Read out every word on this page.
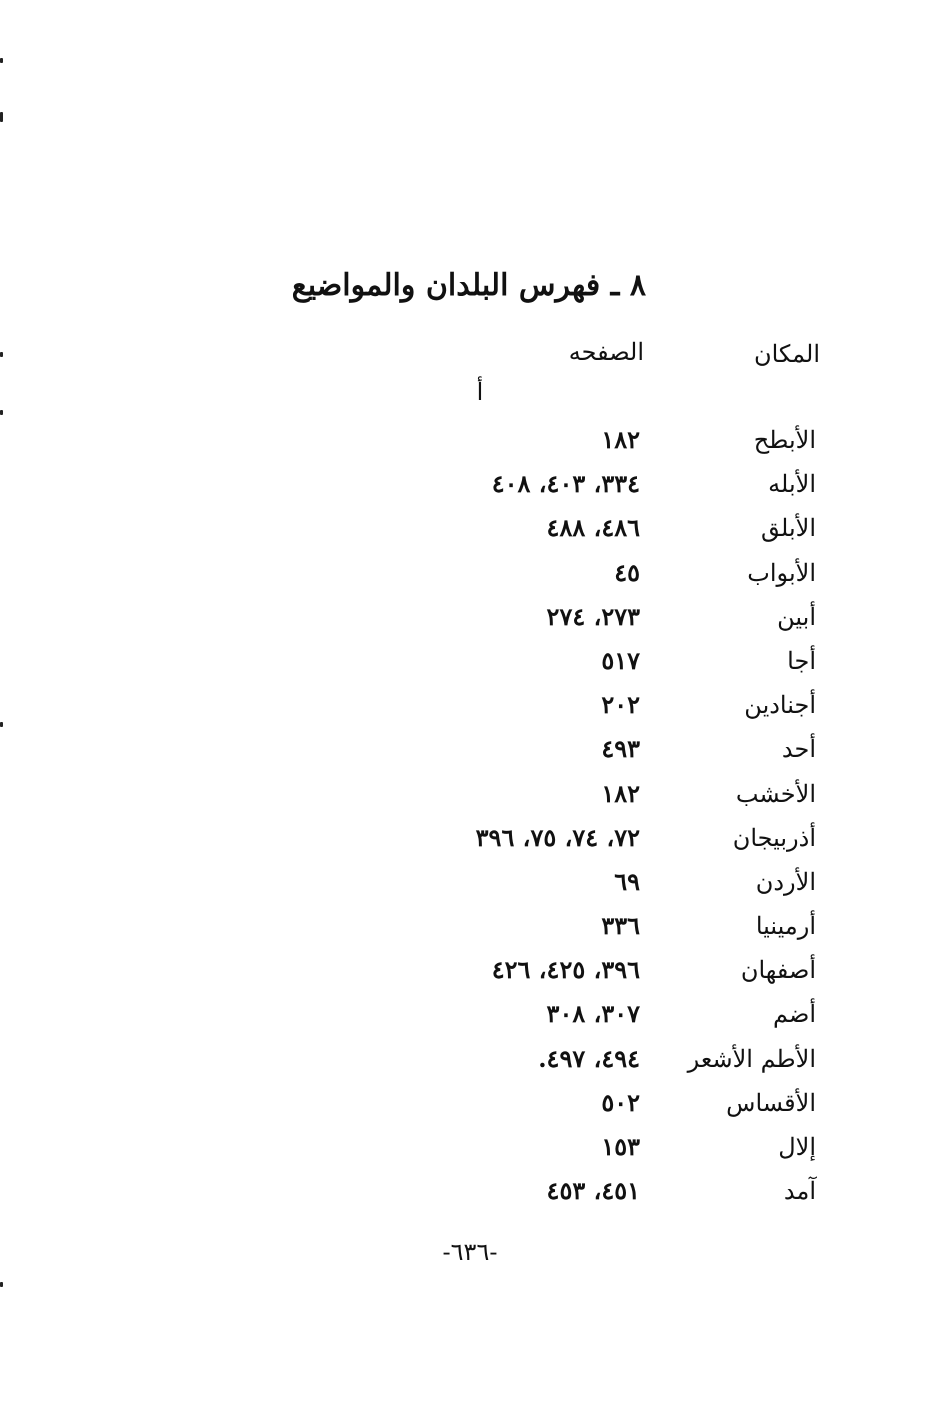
٨ ـ فهرس البلدان والمواضيع
المكان
الصفحه
أ
الأبطح
١٨٢
الأبله
٣٣٤، ٤٠٣، ٤٠٨
الأبلق
٤٨٦، ٤٨٨
الأبواب
٤٥
أبين
٢٧٣، ٢٧٤
أجا
٥١٧
أجنادين
٢٠٢
أحد
٤٩٣
الأخشب
١٨٢
أذربيجان
٧٢، ٧٤، ٧٥، ٣٩٦
الأردن
٦٩
أرمينيا
٣٣٦
أصفهان
٣٩٦، ٤٢٥، ٤٢٦
أضم
٣٠٧، ٣٠٨
الأطم الأشعر
٤٩٤، ٤٩٧.
الأقساس
٥٠٢
إلال
١٥٣
آمد
٤٥١، ٤٥٣
-٦٣٦-
